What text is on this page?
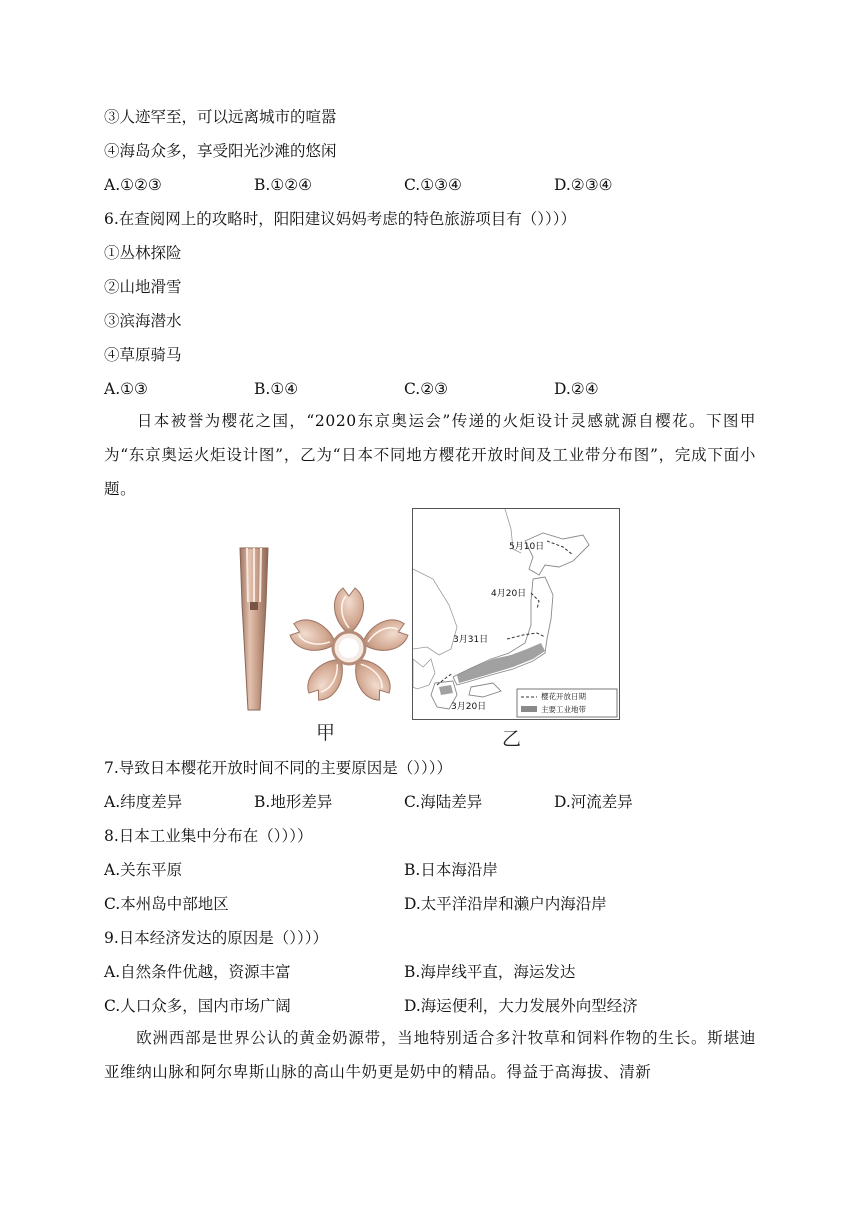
③人迹罕至，可以远离城市的喧嚣
④海岛众多，享受阳光沙滩的悠闲
A.①②③	B.①②④	C.①③④	D.②③④
6.在查阅网上的攻略时，阳阳建议妈妈考虑的特色旅游项目有（））））
①丛林探险
②山地滑雪
③滨海潜水
④草原骑马
A.①③	B.①④	C.②③	D.②④
日本被誉为樱花之国，“2020东京奥运会”传递的火炬设计灵感就源自樱花。下图甲为“东京奥运火炬设计图”，乙为“日本不同地方樱花开放时间及工业带分布图”，完成下面小题。
甲
5月10日
4月20日
3月31日
3月20日
樱花开放日期
主要工业地带
乙
7.导致日本樱花开放时间不同的主要原因是（））））
A.纬度差异	B.地形差异	C.海陆差异	D.河流差异
8.日本工业集中分布在（））））
A.关东平原	B.日本海沿岸
C.本州岛中部地区	D.太平洋沿岸和濑户内海沿岸
9.日本经济发达的原因是（））））
A.自然条件优越，资源丰富	B.海岸线平直，海运发达
C.人口众多，国内市场广阔	D.海运便利，大力发展外向型经济
欧洲西部是世界公认的黄金奶源带，当地特别适合多汁牧草和饲料作物的生长。斯堪迪亚维纳山脉和阿尔卑斯山脉的高山牛奶更是奶中的精品。得益于高海拔、清新
